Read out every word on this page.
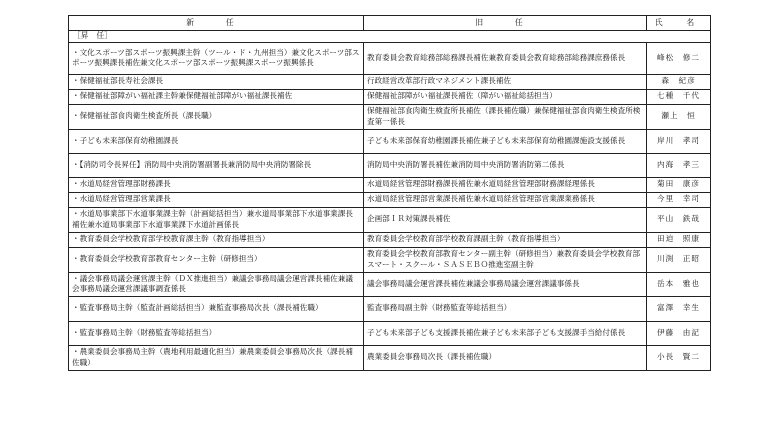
新　任	旧　任	氏　名
［昇　任］		
・文化スポーツ部スポーツ振興課主幹（ツール・ド・九州担当）兼文化スポーツ部スポーツ振興課長補佐兼文化スポーツ部スポーツ振興課スポーツ振興係長	教育委員会教育総務部総務課長補佐兼教育委員会教育総務部総務課庶務係長	峰松　修二
・保健福祉部長寿社会課長	行政経営改革部行政マネジメント課長補佐	森　紀彦
・保健福祉部障がい福祉課主幹兼保健福祉部障がい福祉課長補佐	保健福祉部障がい福祉課長補佐（障がい福祉総括担当）	七種　千代
・保健福祉部食肉衛生検査所長（課長職）	保健福祉部食肉衛生検査所長補佐（課長補佐職）兼保健福祉部食肉衛生検査所検査第一係長	瀬上　恒
・子ども未来部保育幼稚園課長	子ども未来部保育幼稚園課長補佐兼子ども未来部保育幼稚園課施設支援係長	岸川　孝司
・【消防司令長昇任】消防局中央消防署副署長兼消防局中央消防署除長	消防局中央消防署長補佐兼消防局中央消防署消防第二係長	内海　孝三
・水道局経営管理部財務課長	水道局経営管理部財務課長補佐兼水道局経営管理部財務課経理係長	菊田　康彦
・水道局経営管理部営業課長	水道局経営管理部営業課長補佐兼水道局経営管理部営業課業務係長	今里　幸司
・水道局事業部下水道事業課主幹（計画総括担当）兼水道局事業部下水道事業課長補佐兼水道局事業部下水道事業課下水道計画係長	企画部ＩＲ対策課長補佐	平山　鉄哉
・教育委員会学校教育部学校教育課主幹（教育指導担当）	教育委員会学校教育部学校教育課副主幹（教育指導担当）	田迫　照康
・教育委員会学校教育部教育センター主幹（研修担当）	教育委員会学校教育部教育センター副主幹（研修担当）兼教育委員会学校教育部スマート・スクール・ＳＡＳＥＢＯ推進室副主幹	川渕　正昭
・議会事務局議会運営課主幹（ＤＸ推進担当）兼議会事務局議会運営課長補佐兼議会事務局議会運営課議事調査係長	議会事務局議会運営課長補佐兼議会事務局議会運営課議事係長	岳本　雅也
・監査事務局主幹（監査計画総括担当）兼監査事務局次長（課長補佐職）	監査事務局副主幹（財務監査等総括担当）	富澤　幸生
・監査事務局主幹（財務監査等総括担当）	子ども未来部子ども支援課長補佐兼子ども未来部子ども支援課手当給付係長	伊藤　由記
・農業委員会事務局主幹（農地利用最適化担当）兼農業委員会事務局次長（課長補佐職）	農業委員会事務局次長（課長補佐職）	小長　賢二
